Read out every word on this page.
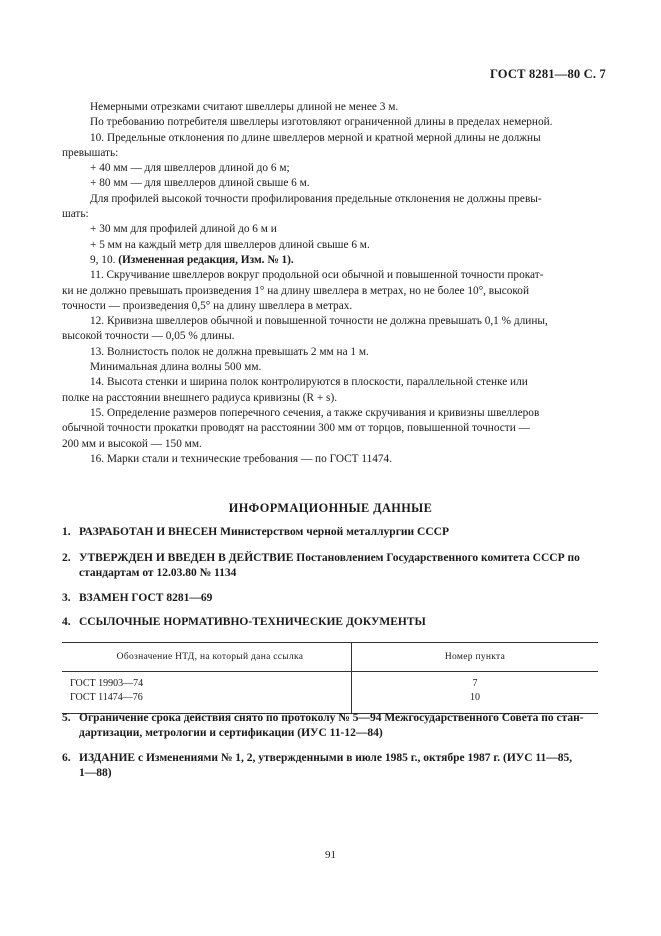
ГОСТ 8281—80 С. 7
Немерными отрезками считают швеллеры длиной не менее 3 м.
По требованию потребителя швеллеры изготовляют ограниченной длины в пределах немерной.
10. Предельные отклонения по длине швеллеров мерной и кратной мерной длины не должны
превышать:
+ 40 мм — для швеллеров длиной до 6 м;
+ 80 мм — для швеллеров длиной свыше 6 м.
Для профилей высокой точности профилирования предельные отклонения не должны превы-
шать:
+ 30 мм для профилей длиной до 6 м и
+ 5 мм на каждый метр для швеллеров длиной свыше 6 м.
9, 10. (Измененная редакция, Изм. № 1).
11. Скручивание швеллеров вокруг продольной оси обычной и повышенной точности прокат-
ки не должно превышать произведения 1° на длину швеллера в метрах, но не более 10°, высокой
точности — произведения 0,5° на длину швеллера в метрах.
12. Кривизна швеллеров обычной и повышенной точности не должна превышать 0,1 % длины,
высокой точности — 0,05 % длины.
13. Волнистость полок не должна превышать 2 мм на 1 м.
Минимальная длина волны 500 мм.
14. Высота стенки и ширина полок контролируются в плоскости, параллельной стенке или
полке на расстоянии внешнего радиуса кривизны (R + s).
15. Определение размеров поперечного сечения, а также скручивания и кривизны швеллеров
обычной точности прокатки проводят на расстоянии 300 мм от торцов, повышенной точности —
200 мм и высокой — 150 мм.
16. Марки стали и технические требования — по ГОСТ 11474.
ИНФОРМАЦИОННЫЕ ДАННЫЕ
1. РАЗРАБОТАН И ВНЕСЕН Министерством черной металлургии СССР
2. УТВЕРЖДЕН И ВВЕДЕН В ДЕЙСТВИЕ Постановлением Государственного комитета СССР по
стандартам от 12.03.80 № 1134
3. ВЗАМЕН ГОСТ 8281—69
4. ССЫЛОЧНЫЕ НОРМАТИВНО-ТЕХНИЧЕСКИЕ ДОКУМЕНТЫ
Обозначение НТД, на который дана ссылка	Номер пункта
ГОСТ 19903—74	7
ГОСТ 11474—76	10

5. Ограничение срока действия снято по протоколу № 5—94 Межгосударственного Совета по стан-
дартизации, метрологии и сертификации (ИУС 11-12—84)
6. ИЗДАНИЕ с Изменениями № 1, 2, утвержденными в июле 1985 г., октябре 1987 г. (ИУС 11—85,
1—88)
91
